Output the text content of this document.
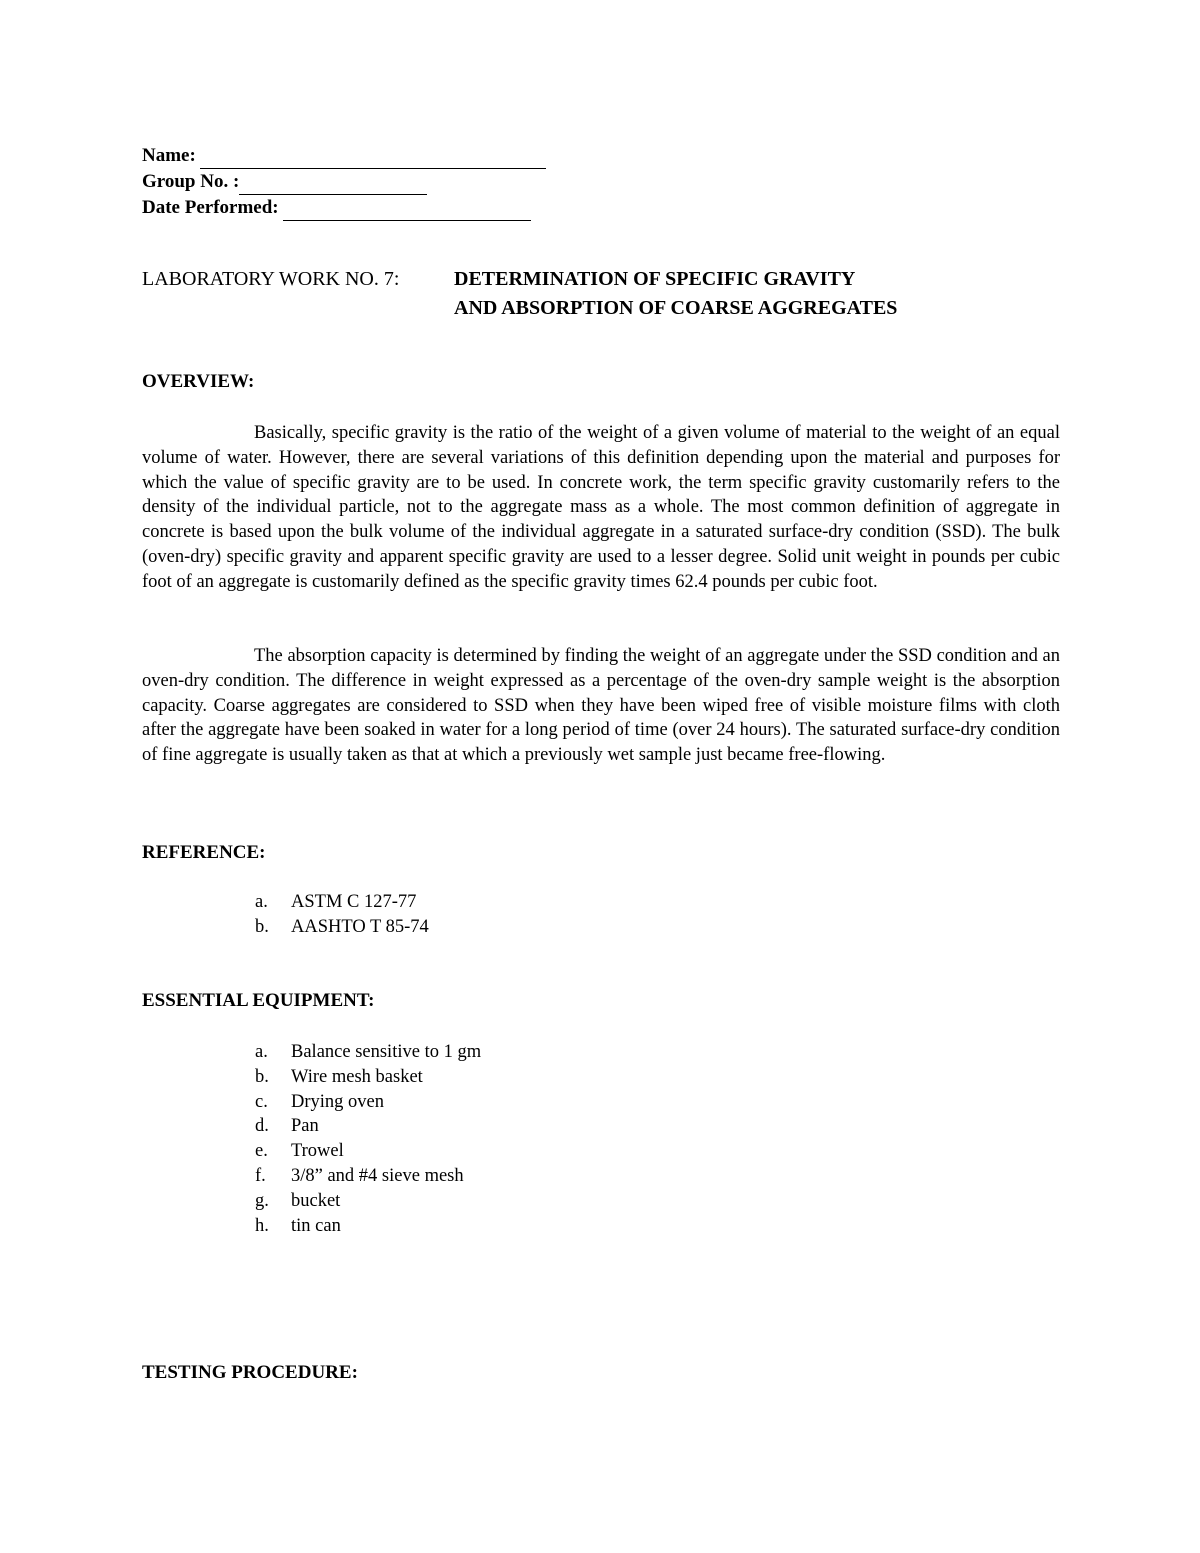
Name:
Group No. :
Date Performed:
LABORATORY WORK NO. 7:	DETERMINATION OF SPECIFIC GRAVITY
AND ABSORPTION OF COARSE AGGREGATES
OVERVIEW:

Basically, specific gravity is the ratio of the weight of a given volume of material to the weight of an equal volume of water. However, there are several variations of this definition depending upon the material and purposes for which the value of specific gravity are to be used. In concrete work, the term specific gravity customarily refers to the density of the individual particle, not to the aggregate mass as a whole. The most common definition of aggregate in concrete is based upon the bulk volume of the individual aggregate in a saturated surface-dry condition (SSD). The bulk (oven-dry) specific gravity and apparent specific gravity are used to a lesser degree. Solid unit weight in pounds per cubic foot of an aggregate is customarily defined as the specific gravity times 62.4 pounds per cubic foot.

The absorption capacity is determined by finding the weight of an aggregate under the SSD condition and an oven-dry condition. The difference in weight expressed as a percentage of the oven-dry sample weight is the absorption capacity. Coarse aggregates are considered to SSD when they have been wiped free of visible moisture films with cloth after the aggregate have been soaked in water for a long period of time (over 24 hours). The saturated surface-dry condition of fine aggregate is usually taken as that at which a previously wet sample just became free-flowing.

REFERENCE:
a.	ASTM C 127-77
b.	AASHTO T 85-74
ESSENTIAL EQUIPMENT:
a.	Balance sensitive to 1 gm
b.	Wire mesh basket
c.	Drying oven
d.	Pan
e.	Trowel
f.	3/8” and #4 sieve mesh
g.	bucket
h.	tin can
TESTING PROCEDURE:
